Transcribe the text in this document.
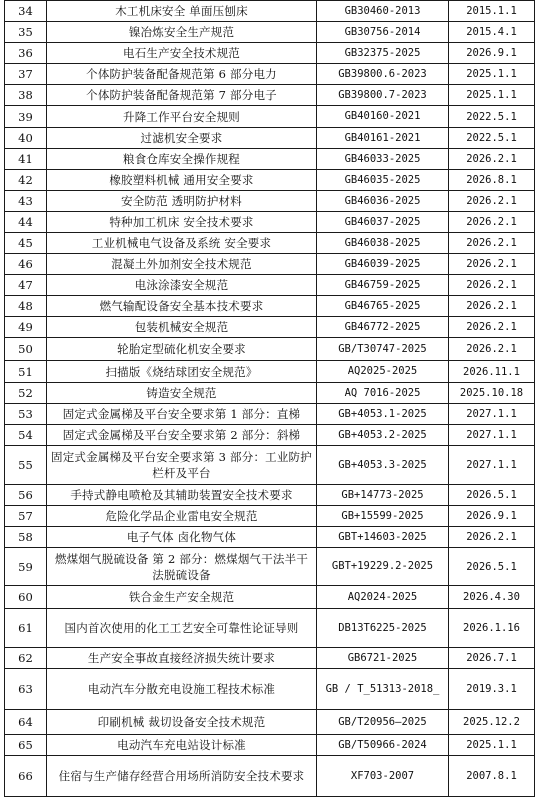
34	木工机床安全 单面压刨床	GB30460-2013	2015.1.1
35	镍冶炼安全生产规范	GB30756-2014	2015.4.1
36	电石生产安全技术规范	GB32375-2025	2026.9.1
37	个体防护装备配备规范第 6 部分电力	GB39800.6-2023	2025.1.1
38	个体防护装备配备规范第 7 部分电子	GB39800.7-2023	2025.1.1
39	升降工作平台安全规则	GB40160-2021	2022.5.1
40	过滤机安全要求	GB40161-2021	2022.5.1
41	粮食仓库安全操作规程	GB46033-2025	2026.2.1
42	橡胶塑料机械 通用安全要求	GB46035-2025	2026.8.1
43	安全防范 透明防护材料	GB46036-2025	2026.2.1
44	特种加工机床 安全技术要求	GB46037-2025	2026.2.1
45	工业机械电气设备及系统 安全要求	GB46038-2025	2026.2.1
46	混凝土外加剂安全技术规范	GB46039-2025	2026.2.1
47	电泳涂漆安全规范	GB46759-2025	2026.2.1
48	燃气输配设备安全基本技术要求	GB46765-2025	2026.2.1
49	包装机械安全规范	GB46772-2025	2026.2.1
50	轮胎定型硫化机安全要求	GB/T30747-2025	2026.2.1
51	扫描版《烧结球团安全规范》	AQ2025-2025	2026.11.1
52	铸造安全规范	AQ 7016-2025	2025.10.18
53	固定式金属梯及平台安全要求第 1 部分：直梯	GB+4053.1-2025	2027.1.1
54	固定式金属梯及平台安全要求第 2 部分：斜梯	GB+4053.2-2025	2027.1.1
55	固定式金属梯及平台安全要求第 3 部分：工业防护栏杆及平台	GB+4053.3-2025	2027.1.1
56	手持式静电喷枪及其辅助装置安全技术要求	GB+14773-2025	2026.5.1
57	危险化学品企业雷电安全规范	GB+15599-2025	2026.9.1
58	电子气体 卤化物气体	GBT+14603-2025	2026.2.1
59	燃煤烟气脱硫设备 第 2 部分：燃煤烟气干法半干法脱硫设备	GBT+19229.2-2025	2026.5.1
60	铁合金生产安全规范	AQ2024-2025	2026.4.30
61	国内首次使用的化工工艺安全可靠性论证导则	DB13T6225-2025	2026.1.16
62	生产安全事故直接经济损失统计要求	GB6721-2025	2026.7.1
63	电动汽车分散充电设施工程技术标准	GB / T_51313-2018_	2019.3.1
64	印刷机械 裁切设备安全技术规范	GB/T20956—2025	2025.12.2
65	电动汽车充电站设计标准	GB/T50966-2024	2025.1.1
66	住宿与生产储存经营合用场所消防安全技术要求	XF703-2007	2007.8.1
